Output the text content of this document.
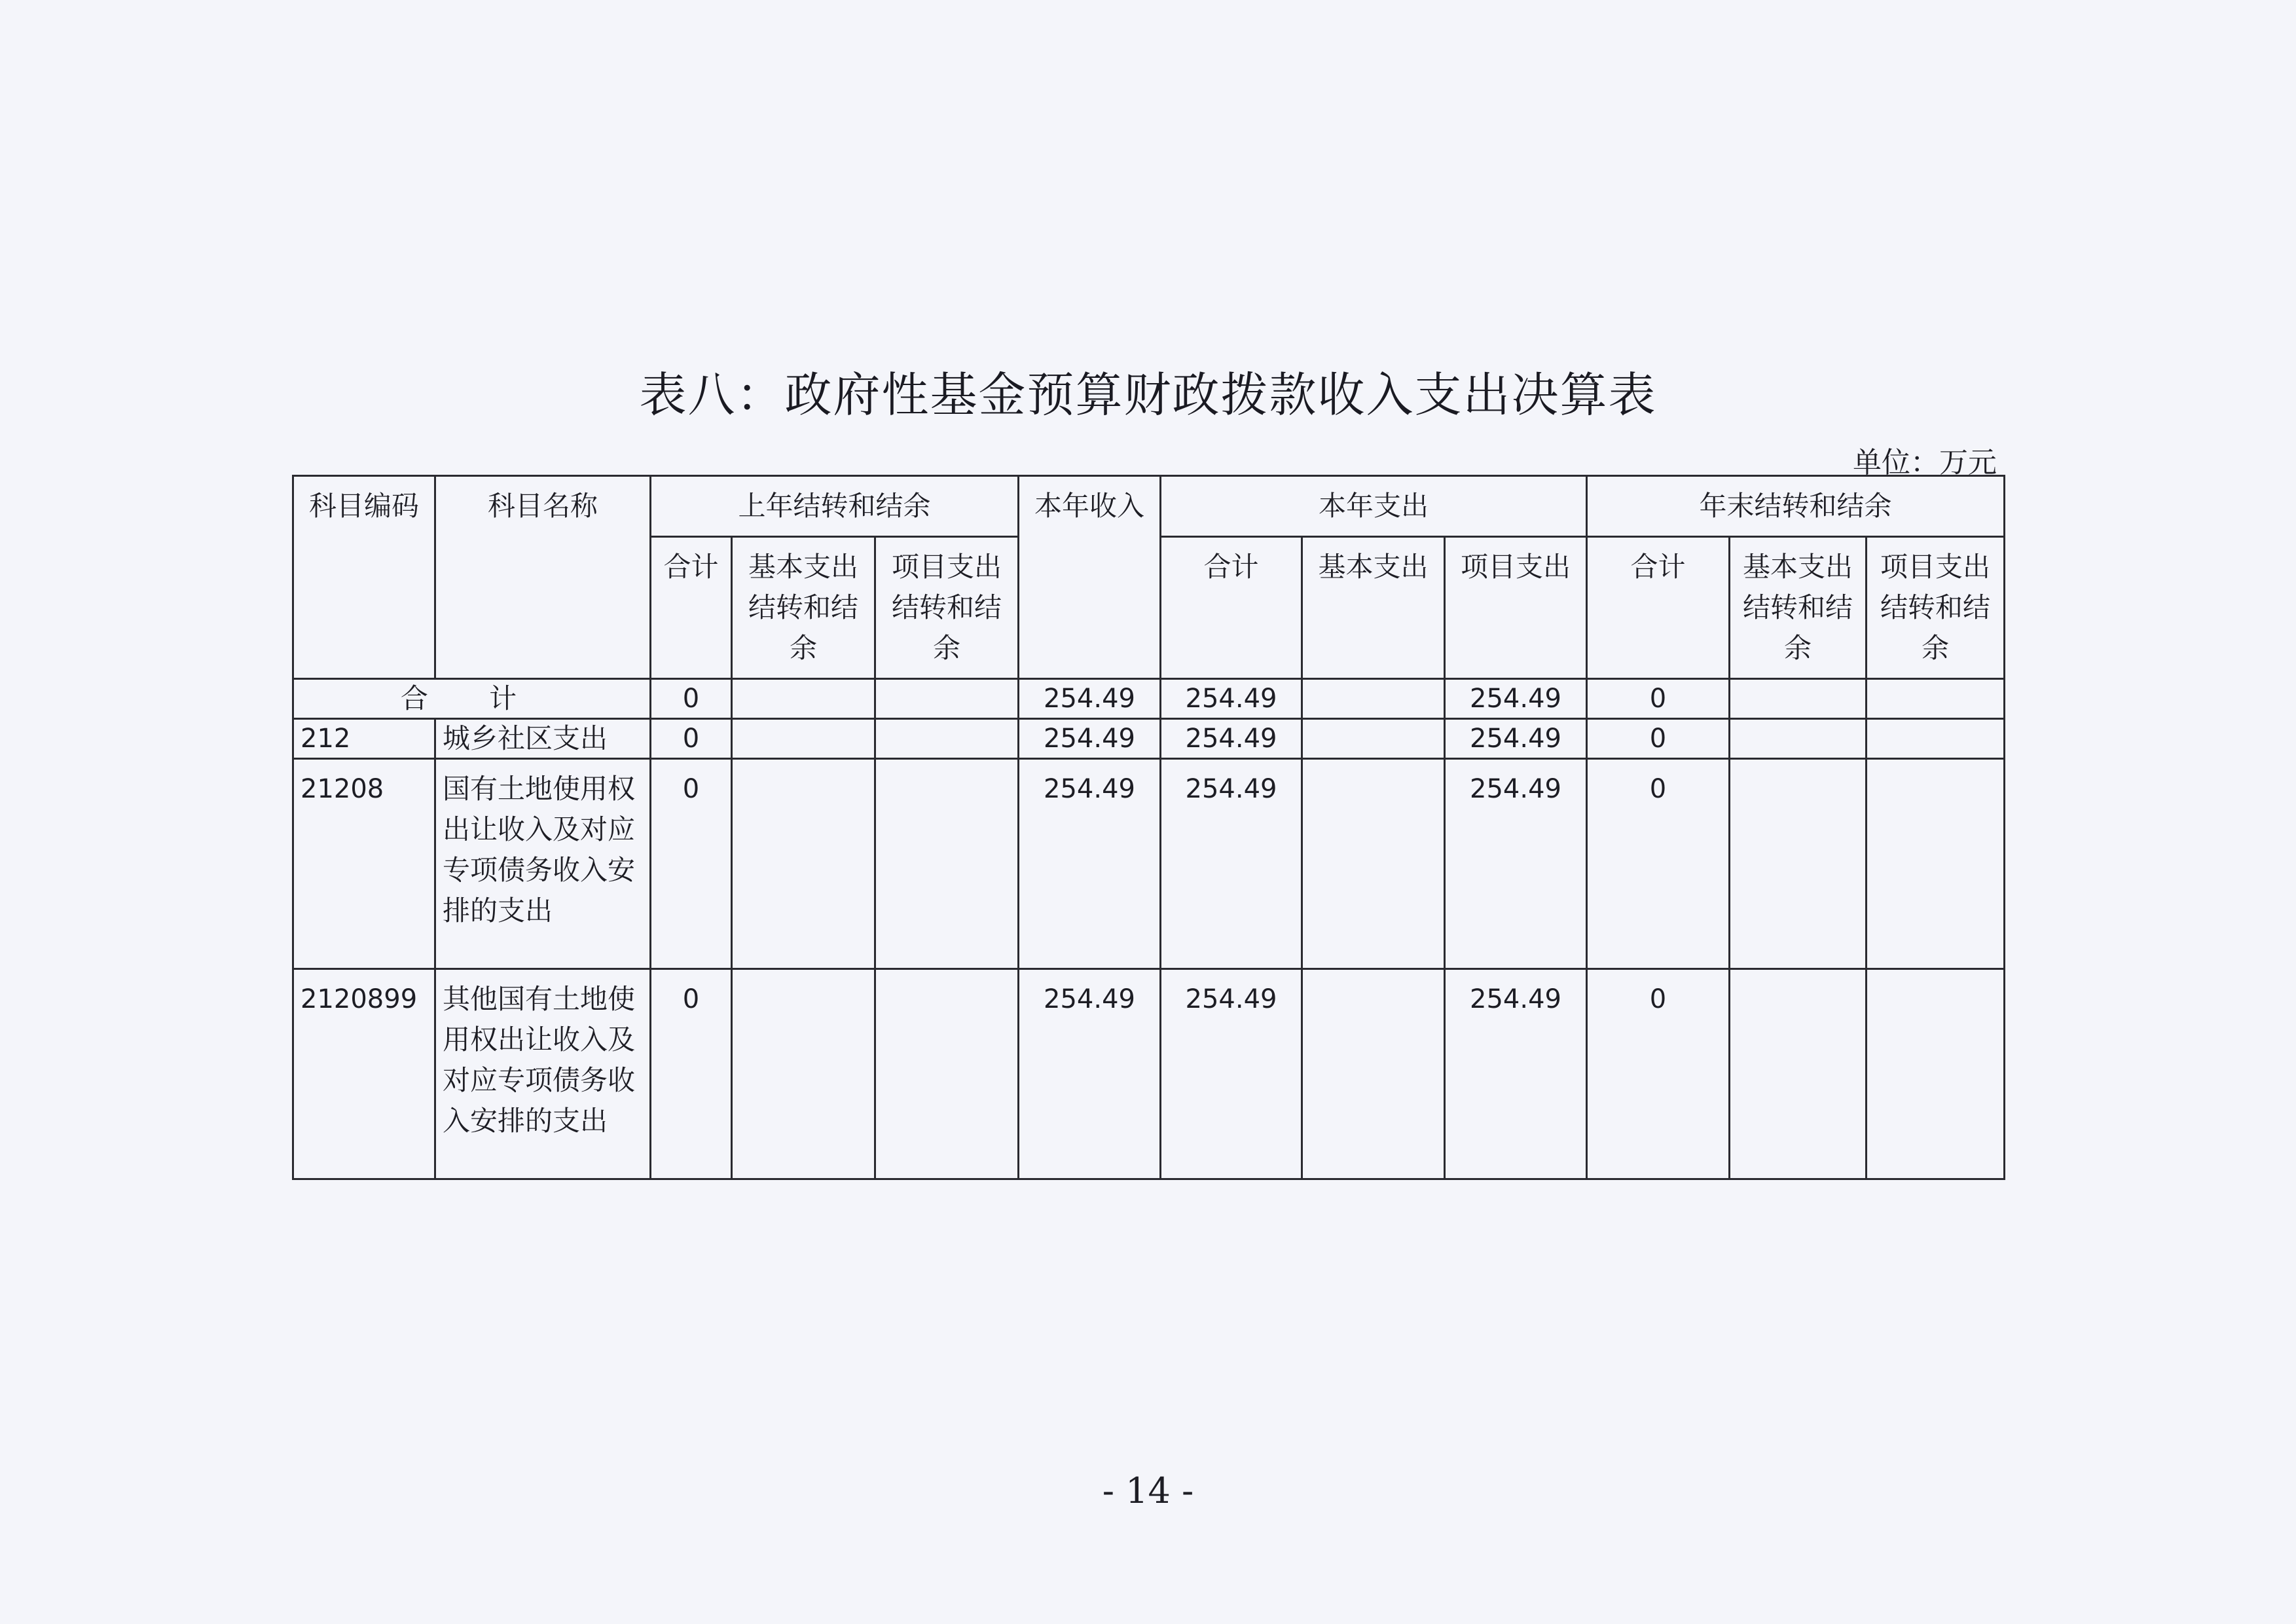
表八：政府性基金预算财政拨款收入支出决算表
单位：万元
科目编码	科目名称	上年结转和结余			本年收入	本年支出			年末结转和结余		
		合计	基本支出结转和结余	项目支出结转和结余		合计	基本支出	项目支出	合计	基本支出结转和结余	项目支出结转和结余
合 计		0			254.49	254.49		254.49	0		
212	城乡社区支出	0			254.49	254.49		254.49	0		
21208	国有土地使用权出让收入及对应专项债务收入安排的支出	0			254.49	254.49		254.49	0		
2120899	其他国有土地使用权出让收入及对应专项债务收入安排的支出	0			254.49	254.49		254.49	0		
- 14 -
